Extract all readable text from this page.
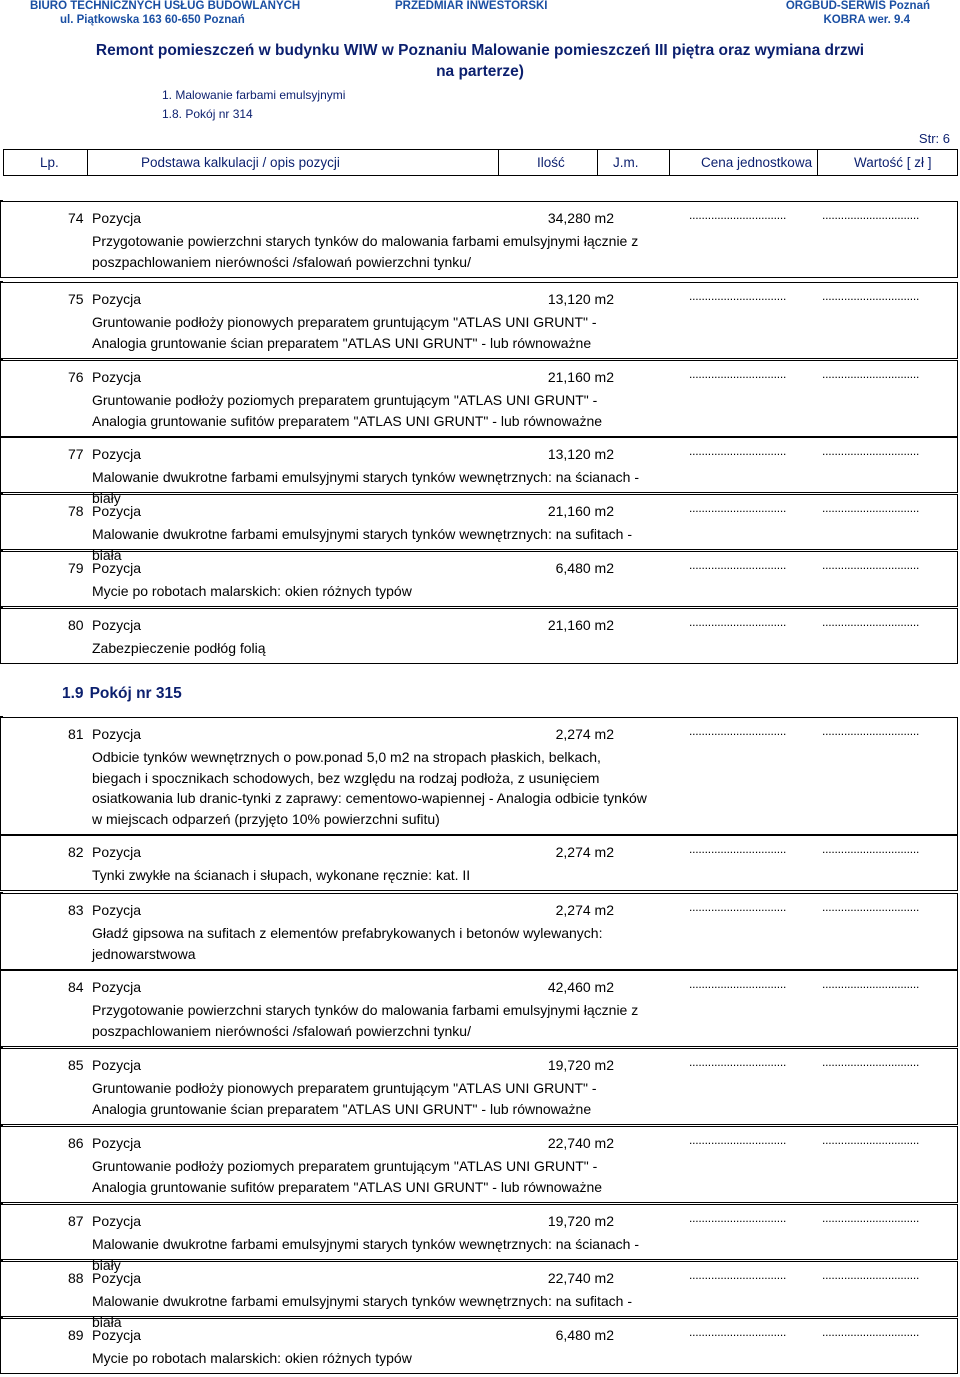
BIURO TECHNICZNYCH USŁUG BUDOWLANYCH
ul. Piątkowska 163 60-650 Poznań
PRZEDMIAR INWESTORSKI	ORGBUD-SERWIS Poznań
KOBRA wer. 9.4
Remont pomieszczeń w budynku WIW w Poznaniu Malowanie pomieszczeń III piętra oraz wymiana drzwi na parterze)
1. Malowanie farbami emulsyjnymi
1.8. Pokój nr 314
Str: 6
Lp.	Podstawa kalkulacji / opis pozycji	Ilość	J.m.	Cena jednostkowa	Wartość [ zł ]
1.9 Pokój nr 315
74 Pozycja	34,280 m2	...............................	...............................
Przygotowanie powierzchni starych tynków do malowania farbami emulsyjnymi łącznie z poszpachlowaniem nierówności /sfalowań powierzchni tynku/
75 Pozycja	13,120 m2	...............................	...............................
Gruntowanie podłoży pionowych preparatem gruntującym "ATLAS UNI GRUNT" - Analogia gruntowanie ścian preparatem "ATLAS UNI GRUNT" - lub równoważne
76 Pozycja	21,160 m2	...............................	...............................
Gruntowanie podłoży poziomych preparatem gruntującym "ATLAS UNI GRUNT" - Analogia gruntowanie sufitów preparatem "ATLAS UNI GRUNT" - lub równoważne
77 Pozycja	13,120 m2	...............................	...............................
Malowanie dwukrotne farbami emulsyjnymi starych tynków wewnętrznych: na ścianach - biały
78 Pozycja	21,160 m2	...............................	...............................
Malowanie dwukrotne farbami emulsyjnymi starych tynków wewnętrznych: na sufitach - biała
79 Pozycja	6,480 m2	...............................	...............................
Mycie po robotach malarskich: okien różnych typów
80 Pozycja	21,160 m2	...............................	...............................
Zabezpieczenie podłóg folią
81 Pozycja	2,274 m2	...............................	...............................
Odbicie tynków wewnętrznych o pow.ponad 5,0 m2 na stropach płaskich, belkach, biegach i spocznikach schodowych, bez względu na rodzaj podłoża, z usunięciem osiatkowania lub dranic-tynki z zaprawy: cementowo-wapiennej - Analogia odbicie tynków w miejscach odparzeń (przyjęto 10% powierzchni sufitu)
82 Pozycja	2,274 m2	...............................	...............................
Tynki zwykłe na ścianach i słupach, wykonane ręcznie: kat. II
83 Pozycja	2,274 m2	...............................	...............................
Gładź gipsowa na sufitach z elementów prefabrykowanych i betonów wylewanych: jednowarstwowa
84 Pozycja	42,460 m2	...............................	...............................
Przygotowanie powierzchni starych tynków do malowania farbami emulsyjnymi łącznie z poszpachlowaniem nierówności /sfalowań powierzchni tynku/
85 Pozycja	19,720 m2	...............................	...............................
Gruntowanie podłoży pionowych preparatem gruntującym "ATLAS UNI GRUNT" - Analogia gruntowanie ścian preparatem "ATLAS UNI GRUNT" - lub równoważne
86 Pozycja	22,740 m2	...............................	...............................
Gruntowanie podłoży poziomych preparatem gruntującym "ATLAS UNI GRUNT" - Analogia gruntowanie sufitów preparatem "ATLAS UNI GRUNT" - lub równoważne
87 Pozycja	19,720 m2	...............................	...............................
Malowanie dwukrotne farbami emulsyjnymi starych tynków wewnętrznych: na ścianach - biały
88 Pozycja	22,740 m2	...............................	...............................
Malowanie dwukrotne farbami emulsyjnymi starych tynków wewnętrznych: na sufitach - biała
89 Pozycja	6,480 m2	...............................	...............................
Mycie po robotach malarskich: okien różnych typów
